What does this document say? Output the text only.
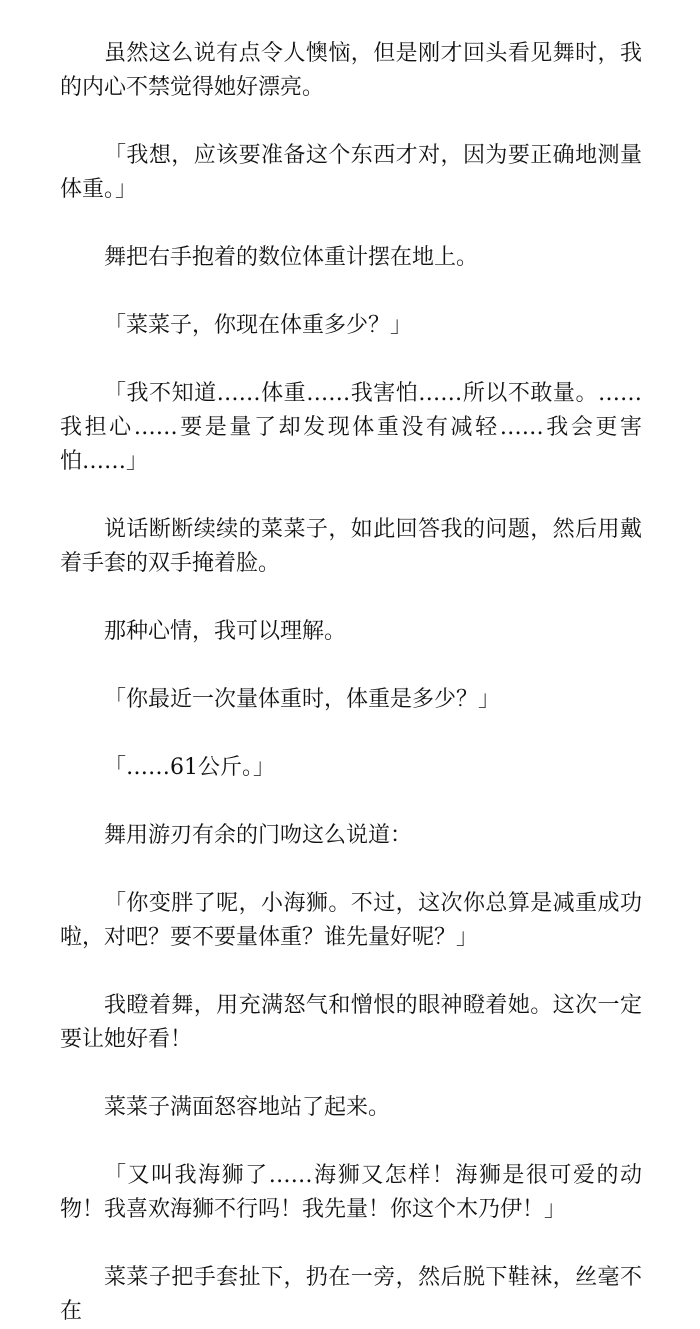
虽然这么说有点令人懊恼，但是刚才回头看见舞时，我的内心不禁觉得她好漂亮。

「我想，应该要准备这个东西才对，因为要正确地测量体重。」

舞把右手抱着的数位体重计摆在地上。

「菜菜子，你现在体重多少？」

「我不知道……体重……我害怕……所以不敢量。……我担心……要是量了却发现体重没有减轻……我会更害怕……」

说话断断续续的菜菜子，如此回答我的问题，然后用戴着手套的双手掩着脸。

那种心情，我可以理解。

「你最近一次量体重时，体重是多少？」

「……61公斤。」

舞用游刃有余的门吻这么说道：

「你变胖了呢，小海狮。不过，这次你总算是减重成功啦，对吧？要不要量体重？谁先量好呢？」

我瞪着舞，用充满怒气和憎恨的眼神瞪着她。这次一定要让她好看！

菜菜子满面怒容地站了起来。

「又叫我海狮了……海狮又怎样！海狮是很可爱的动物！我喜欢海狮不行吗！我先量！你这个木乃伊！」

菜菜子把手套扯下，扔在一旁，然后脱下鞋袜，丝毫不在
